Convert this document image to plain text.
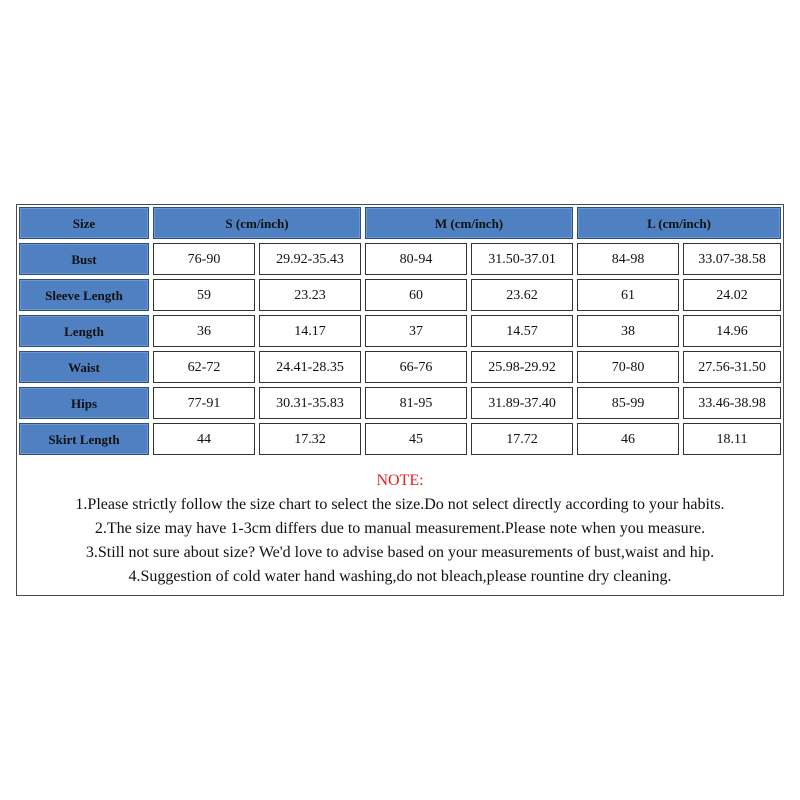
Size	S (cm/inch)		M (cm/inch)		L (cm/inch)	

Bust	76-90	29.92-35.43	80-94	31.50-37.01	84-98	33.07-38.58

Sleeve Length	59	23.23	60	23.62	61	24.02

Length	36	14.17	37	14.57	38	14.96

Waist	62-72	24.41-28.35	66-76	25.98-29.92	70-80	27.56-31.50

Hips	77-91	30.31-35.83	81-95	31.89-37.40	85-99	33.46-38.98

Skirt Length	44	17.32	45	17.72	46	18.11
NOTE:
1.Please strictly follow the size chart to select the size.Do not select directly according to your habits.
2.The size may have 1-3cm differs due to manual measurement.Please note when you measure.
3.Still not sure about size? We'd love to advise based on your measurements of bust,waist and hip.
4.Suggestion of cold water hand washing,do not bleach,please rountine dry cleaning.
